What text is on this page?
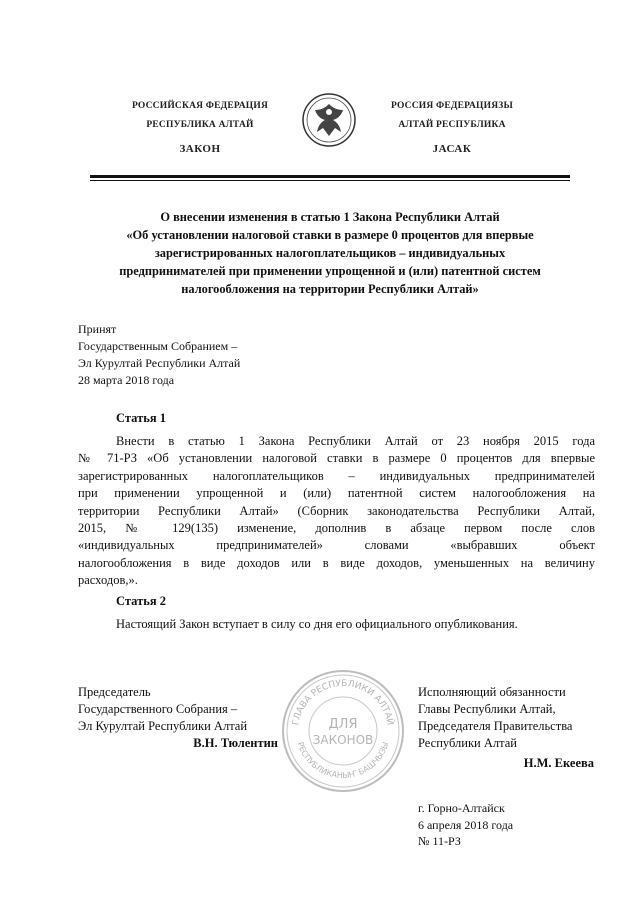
РОССИЙСКАЯ ФЕДЕРАЦИЯ
РЕСПУБЛИКА АЛТАЙ
ЗАКОН
РОССИЯ ФЕДЕРАЦИЯЗЫ
АЛТАЙ РЕСПУБЛИКА
ЈАСАК
О внесении изменения в статью 1 Закона Республики Алтай
«Об установлении налоговой ставки в размере 0 процентов для впервые
зарегистрированных налогоплательщиков – индивидуальных
предпринимателей при применении упрощенной и (или) патентной систем
налогообложения на территории Республики Алтай»
Принят
Государственным Собранием –
Эл Курултай Республики Алтай
28 марта 2018 года
Статья 1
Внести в статью 1 Закона Республики Алтай от 23 ноября 2015 года
№ 71-РЗ «Об установлении налоговой ставки в размере 0 процентов для впервые
зарегистрированных налогоплательщиков – индивидуальных предпринимателей
при применении упрощенной и (или) патентной систем налогообложения на
территории Республики Алтай» (Сборник законодательства Республики Алтай,
2015, № 129(135) изменение, дополнив в абзаце первом после слов
«индивидуальных предпринимателей» словами «выбравших объект
налогообложения в виде доходов или в виде доходов, уменьшенных на величину
расходов,».
Статья 2
Настоящий Закон вступает в силу со дня его официального опубликования.
Председатель
Государственного Собрания –
Эл Курултай Республики Алтай
В.Н. Тюлентин
ГЛАВА РЕСПУБЛИКИ АЛТАЙ
РЕСПУБЛИКАНЫҤ БАШЧЫЗЫ
ДЛЯ
ЗАКОНОВ
Исполняющий обязанности
Главы Республики Алтай,
Председателя Правительства
Республики Алтай
Н.М. Екеева
г. Горно-Алтайск
6 апреля 2018 года
№ 11-РЗ
